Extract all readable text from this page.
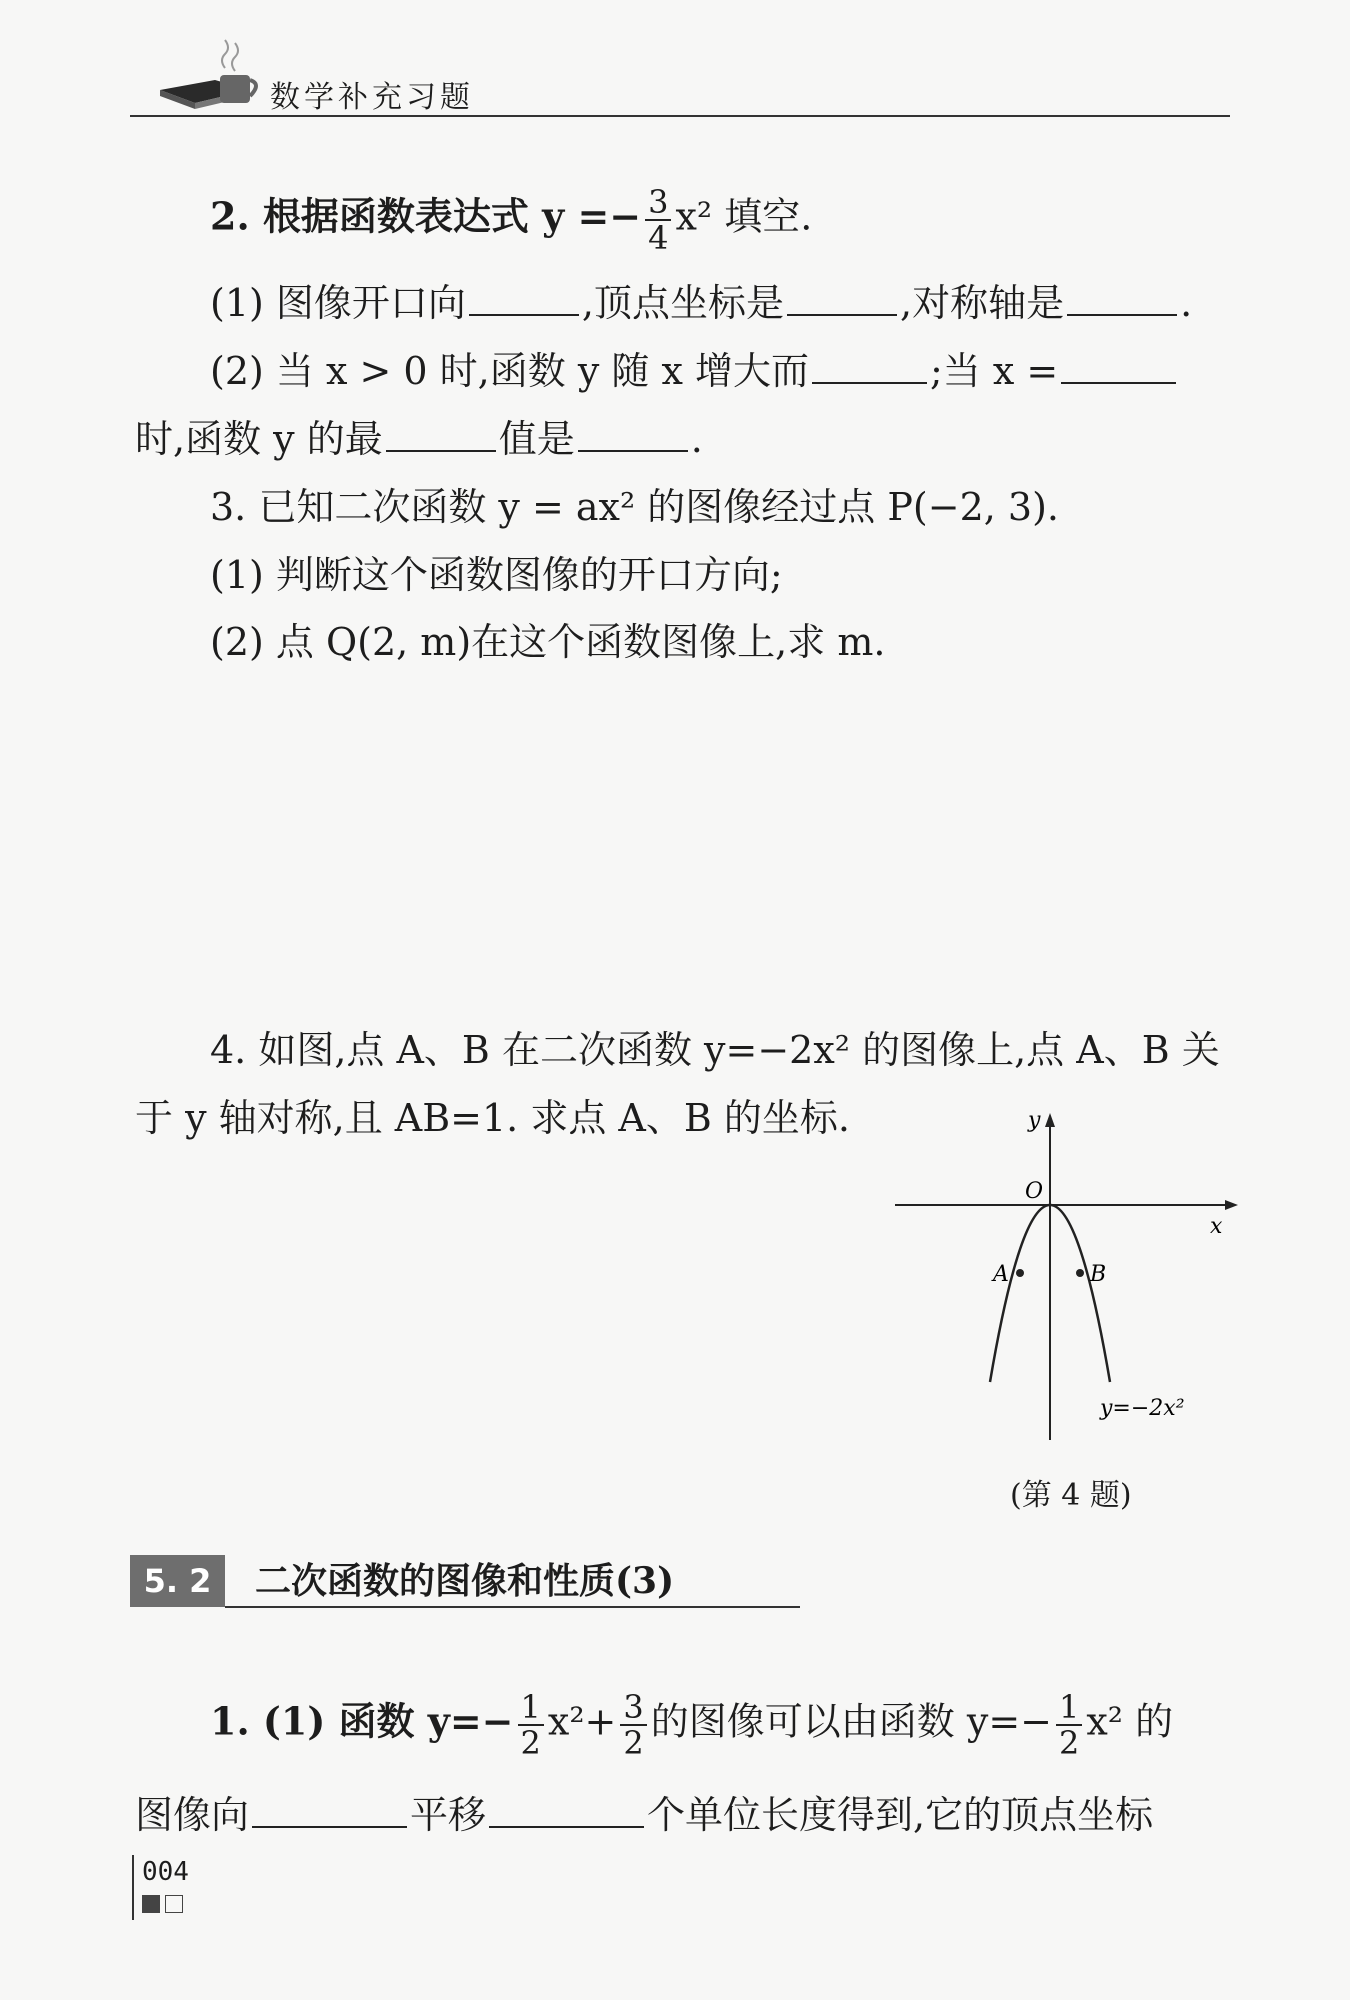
数学补充习题
2. 根据函数表达式 $y =- \frac{3}{4} x^2$ 填空.
(1) 图像开口向	,顶点坐标是	,对称轴是	.
(2) 当 x > 0 时,函数 y 随 x 增大而	;当 x =
时,函数 y 的最	值是	.
3. 已知二次函数 y = ax² 的图像经过点 P(−2, 3).
(1) 判断这个函数图像的开口方向;
(2) 点 Q(2, m)在这个函数图像上,求 m.
4. 如图,点 A、B 在二次函数 y=−2x² 的图像上,点 A、B 关
于 y 轴对称,且 AB=1. 求点 A、B 的坐标.	y
x
O
A	B
y=−2x²
(第 4 题)
5. 2	二次函数的图像和性质(3)
1. (1) 函数 $y=- \frac{1}{2} x^2+ \frac{3}{2}$ 的图像可以由函数 $y=- \frac{1}{2} x^2$ 的
图像向	平移	个单位长度得到,它的顶点坐标
004
